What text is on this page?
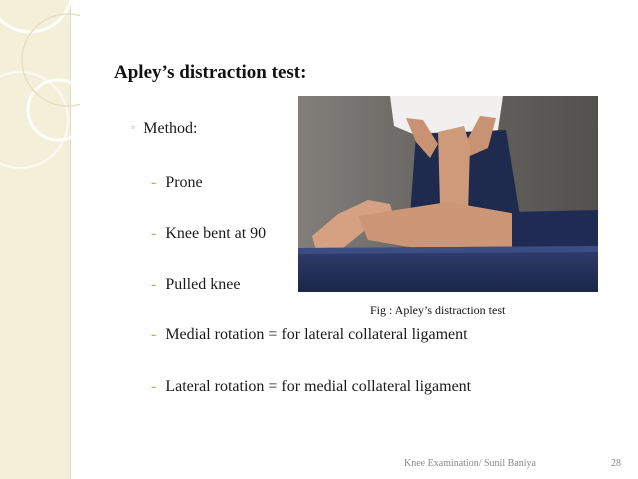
Apley’s distraction test:
◦ Method:
- Prone
- Knee bent at 90
- Pulled knee
- Medial rotation = for lateral collateral ligament
- Lateral rotation = for medial collateral ligament
Fig : Apley’s distraction test
Knee Examination/ Sunil Baniya	28
